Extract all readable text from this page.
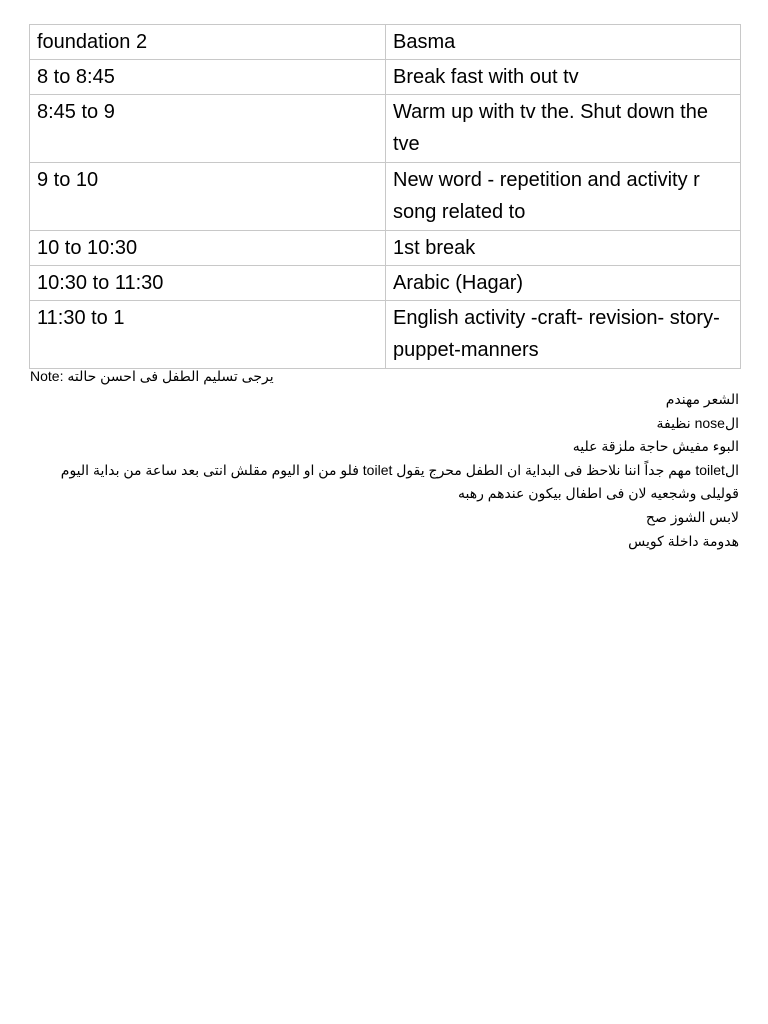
foundation 2	Basma
8 to 8:45	Break fast with out tv
8:45 to 9	Warm up with tv the. Shut down the tve
9 to 10	New word - repetition and activity r song related to
10 to 10:30	1st break
10:30 to 11:30	Arabic (Hagar)
11:30 to 1	English activity -craft- revision- story- puppet-manners
Note: يرجى تسليم الطفل فى احسن حالته
الشعر مهندم
الnose نظيفة
البوء مفيش حاجة ملزقة عليه
الtoilet مهم جداً اننا نلاحظ فى البداية ان الطفل محرج يقول toilet فلو من او اليوم مقلش انتى بعد ساعة من بداية اليوم
قوليلى وشجعيه لان فى اطفال بيكون عندهم رهبه
لابس الشوز صح
هدومة داخلة كويس
